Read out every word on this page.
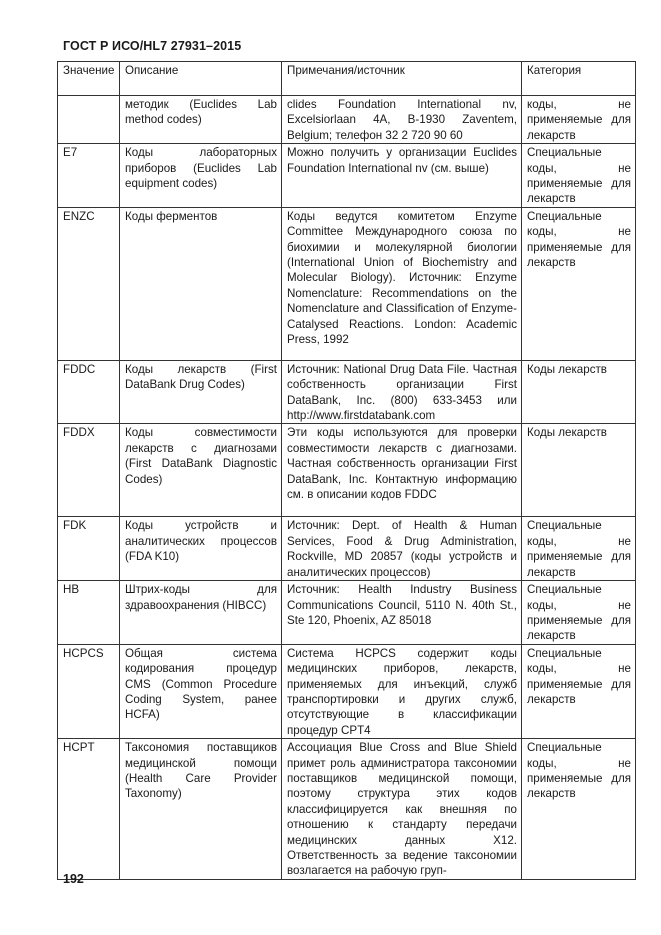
ГОСТ Р ИСО/HL7 27931–2015
Значение	Описание	Примечания/источник	Категория
	методик (Euclides Lab method codes)	clides Foundation International nv, Excelsiorlaan 4A, B-1930 Zaventem, Belgium; телефон 32 2 720 90 60	коды, не применяемые для лекарств
E7	Коды лабораторных приборов (Euclides Lab equipment codes)	Можно получить у организации Euclides Foundation International nv (см. выше)	Специальные коды, не применяемые для лекарств
ENZC	Коды ферментов	Коды ведутся комитетом Enzyme Committee Международного союза по биохимии и молекулярной биологии (International Union of Biochemistry and Molecular Biology). Источник: Enzyme Nomenclature: Recommendations on the Nomenclature and Classification of Enzyme-Catalysed Reactions. London: Academic Press, 1992	Специальные коды, не применяемые для лекарств
FDDC	Коды лекарств (First DataBank Drug Codes)	Источник: National Drug Data File. Частная собственность организации First DataBank, Inc. (800) 633-3453 или http://www.firstdatabank.com	Коды лекарств
FDDX	Коды совместимости лекарств с диагнозами (First DataBank Diagnostic Codes)	Эти коды используются для проверки совместимости лекарств с диагнозами. Частная собственность организации First DataBank, Inc. Контактную информацию см. в описании кодов FDDC	Коды лекарств
FDK	Коды устройств и аналитических процессов (FDA K10)	Источник: Dept. of Health & Human Services, Food & Drug Administration, Rockville, MD 20857 (коды устройств и аналитических процессов)	Специальные коды, не применяемые для лекарств
HB	Штрих-коды для здравоохранения (HIBCC)	Источник: Health Industry Business Communications Council, 5110 N. 40th St., Ste 120, Phoenix, AZ 85018	Специальные коды, не применяемые для лекарств
HCPCS	Общая система кодирования процедур CMS (Common Procedure Coding System, ранее HCFA)	Система HCPCS содержит коды медицинских приборов, лекарств, применяемых для инъекций, служб транспортировки и других служб, отсутствующие в классификации процедур CPT4	Специальные коды, не применяемые для лекарств
HCPT	Таксономия поставщиков медицинской помощи (Health Care Provider Taxonomy)	Ассоциация Blue Cross and Blue Shield примет роль администратора таксономии поставщиков медицинской помощи, поэтому структура этих кодов классифицируется как внешняя по отношению к стандарту передачи медицинских данных X12. Ответственность за ведение таксономии возлагается на рабочую груп-	Специальные коды, не применяемые для лекарств
192
